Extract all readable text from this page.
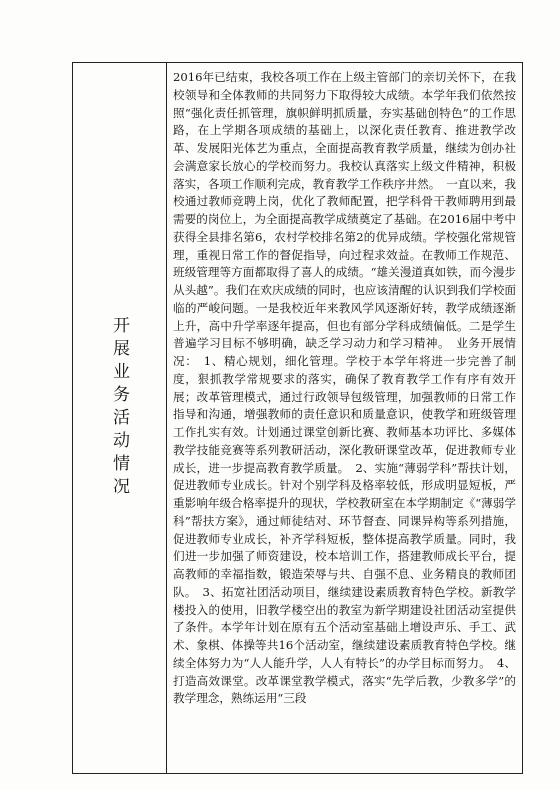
开展业务活动情况

2016年已结束，我校各项工作在上级主管部门的亲切关怀下，在我校领导和全体教师的共同努力下取得较大成绩。本学年我们依然按照“强化责任抓管理，旗帜鲜明抓质量，夯实基础创特色”的工作思路，在上学期各项成绩的基础上，以深化责任教育、推进教学改革、发展阳光体艺为重点，全面提高教育教学质量，继续为创办社会满意家长放心的学校而努力。我校认真落实上级文件精神，积极落实，各项工作顺利完成，教育教学工作秩序井然。　一直以来，我校通过教师竞聘上岗，优化了教师配置，把学科骨干教师聘用到最需要的岗位上，为全面提高教学成绩奠定了基础。在2016届中考中获得全县排名第6，农村学校排名第2的优异成绩。学校强化常规管理，重视日常工作的督促指导，向过程求效益。在教师工作规范、班级管理等方面都取得了喜人的成绩。“雄关漫道真如铁，而今漫步从头越”。我们在欢庆成绩的同时，也应该清醒的认识到我们学校面临的严峻问题。一是我校近年来教风学风逐渐好转，教学成绩逐渐上升，高中升学率逐年提高，但也有部分学科成绩偏低。二是学生普遍学习目标不够明确，缺乏学习动力和学习精神。　业务开展情况：　1、精心规划，细化管理。学校于本学年将进一步完善了制度，狠抓教学常规要求的落实，确保了教育教学工作有序有效开展；改革管理模式，通过行政领导包级管理，加强教师的日常工作指导和沟通，增强教师的责任意识和质量意识，使教学和班级管理工作扎实有效。计划通过课堂创新比赛、教师基本功评比、多媒体教学技能竞赛等系列教研活动，深化教研课堂改革，促进教师专业成长，进一步提高教育教学质量。　2、实施“薄弱学科”帮扶计划，促进教师专业成长。针对个别学科及格率较低，形成明显短板，严重影响年级合格率提升的现状，学校教研室在本学期制定《“薄弱学科”帮扶方案》，通过师徒结对、环节督查、同课异构等系列措施，促进教师专业成长，补齐学科短板，整体提高教学质量。同时，我们进一步加强了师资建设，校本培训工作，搭建教师成长平台，提高教师的幸福指数，锻造荣辱与共、自强不息、业务精良的教师团队。　3、拓宽社团活动项目，继续建设素质教育特色学校。新教学楼投入的使用，旧教学楼空出的教室为新学期建设社团活动室提供了条件。本学年计划在原有五个活动室基础上增设声乐、手工、武术、象棋、体操等共16个活动室，继续建设素质教育特色学校。继续全体努力为“人人能升学，人人有特长”的办学目标而努力。　4、打造高效课堂。改革课堂教学模式，落实“先学后教，少教多学”的教学理念，熟练运用“三段
